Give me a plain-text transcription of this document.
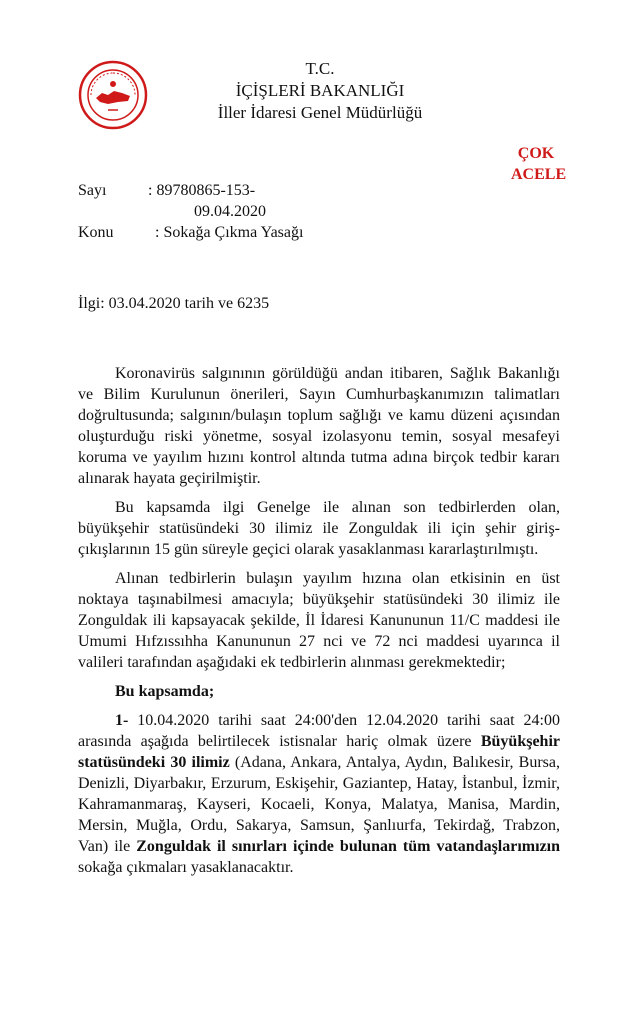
T.C.
İÇİŞLERİ BAKANLIĞI
İller İdaresi Genel Müdürlüğü
ÇOK
ACELE
Sayı	: 89780865-153-
09.04.2020
Konu	: Sokağa Çıkma Yasağı
İlgi: 03.04.2020 tarih ve 6235

Koronavirüs salgınının görüldüğü andan itibaren, Sağlık Bakanlığı ve Bilim Kurulunun önerileri, Sayın Cumhurbaşkanımızın talimatları doğrultusunda; salgının/bulaşın toplum sağlığı ve kamu düzeni açısından oluşturduğu riski yönetme, sosyal izolasyonu temin, sosyal mesafeyi koruma ve yayılım hızını kontrol altında tutma adına birçok tedbir kararı alınarak hayata geçirilmiştir.

Bu kapsamda ilgi Genelge ile alınan son tedbirlerden olan, büyükşehir statüsündeki 30 ilimiz ile Zonguldak ili için şehir giriş-çıkışlarının 15 gün süreyle geçici olarak yasaklanması kararlaştırılmıştı.

Alınan tedbirlerin bulaşın yayılım hızına olan etkisinin en üst noktaya taşınabilmesi amacıyla; büyükşehir statüsündeki 30 ilimiz ile Zonguldak ili kapsayacak şekilde, İl İdaresi Kanununun 11/C maddesi ile Umumi Hıfzıssıhha Kanununun 27 nci ve 72 nci maddesi uyarınca il valileri tarafından aşağıdaki ek tedbirlerin alınması gerekmektedir;

Bu kapsamda;

1- 10.04.2020 tarihi saat 24:00'den 12.04.2020 tarihi saat 24:00 arasında aşağıda belirtilecek istisnalar hariç olmak üzere Büyükşehir statüsündeki 30 ilimiz (Adana, Ankara, Antalya, Aydın, Balıkesir, Bursa, Denizli, Diyarbakır, Erzurum, Eskişehir, Gaziantep, Hatay, İstanbul, İzmir, Kahramanmaraş, Kayseri, Kocaeli, Konya, Malatya, Manisa, Mardin, Mersin, Muğla, Ordu, Sakarya, Samsun, Şanlıurfa, Tekirdağ, Trabzon, Van) ile Zonguldak il sınırları içinde bulunan tüm vatandaşlarımızın sokağa çıkmaları yasaklanacaktır.
